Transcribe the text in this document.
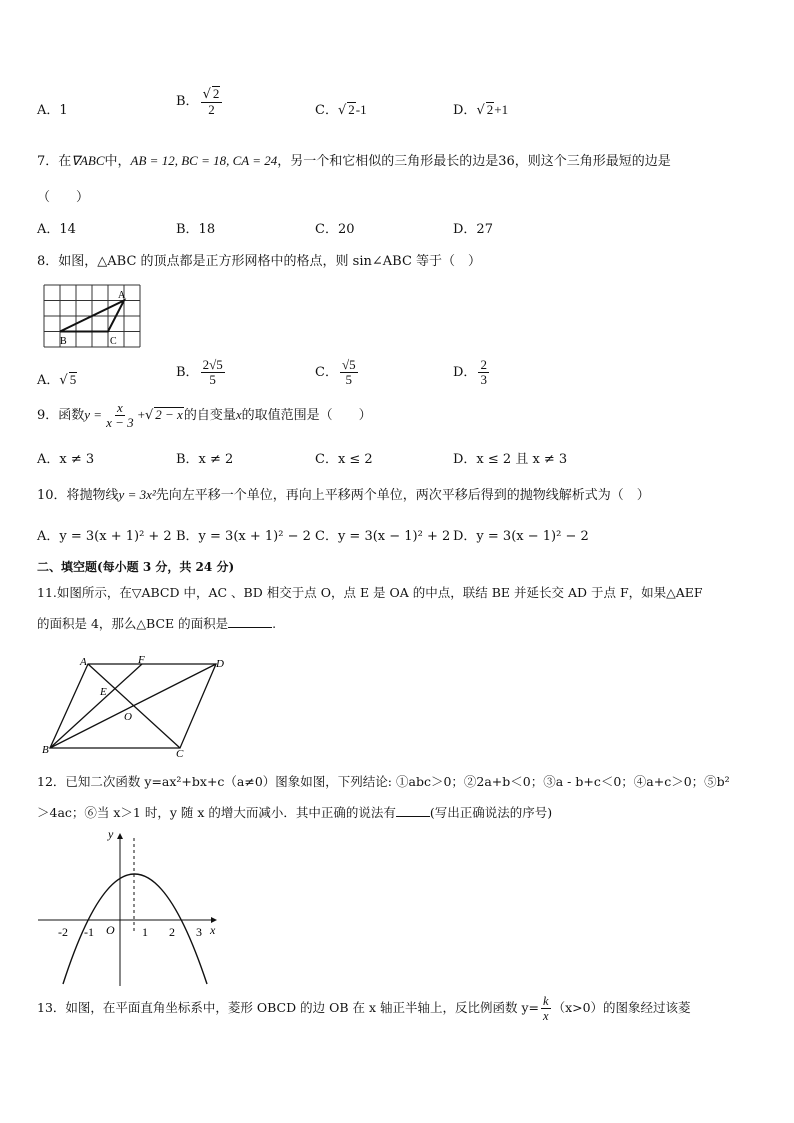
A．1
B． $\frac{√ 2}{2}$	C．√ 2-1	D．√ 2+1
7．在∇ABC中，AB = 12, BC = 18, CA = 24，另一个和它相似的三角形最长的边是36，则这个三角形最短的边是
（　　）
A．14	B．18	C．20	D．27
8．如图，△ABC 的顶点都是正方形网格中的格点，则 sin∠ABC 等于（　）
A
B	C
A．√ 5	B． $\frac{2√5}{5}$	C． $\frac{√5}{5}$	D． $\frac{2}{3}$
9．函数$y = \frac{x}{x - 3}$ +√ 2 − x的自变量x的取值范围是（　　）
A．x ≠ 3	B．x ≠ 2	C．x ≤ 2	D．x ≤ 2 且 x ≠ 3
10．将抛物线y = 3x²先向左平移一个单位，再向上平移两个单位，两次平移后得到的抛物线解析式为（　）
A．y = 3(x + 1)² + 2 B．y = 3(x + 1)² − 2 C．y = 3(x − 1)² + 2 D．y = 3(x − 1)² − 2
二、填空题(每小题 3 分，共 24 分)
11.如图所示，在▽ABCD 中，AC 、BD 相交于点 O，点 E 是 OA 的中点，联结 BE 并延长交 AD 于点 F，如果△AEF
的面积是 4，那么△BCE 的面积是	.
A	F	D
E
O
B	C
12．已知二次函数 y=ax²+bx+c（a≠0）图象如图，下列结论: ①abc＞0；②2a+b＜0；③a - b+c＜0；④a+c＞0；⑤b²
＞4ac；⑥当 x＞1 时，y 随 x 的增大而减小．其中正确的说法有	(写出正确说法的序号)
y
x
O
-2 -1	1 2 3
13．如图，在平面直角坐标系中，菱形 OBCD 的边 OB 在 x 轴正半轴上，反比例函数 $y= \frac{k}{x} (x>0)$的图象经过该菱
